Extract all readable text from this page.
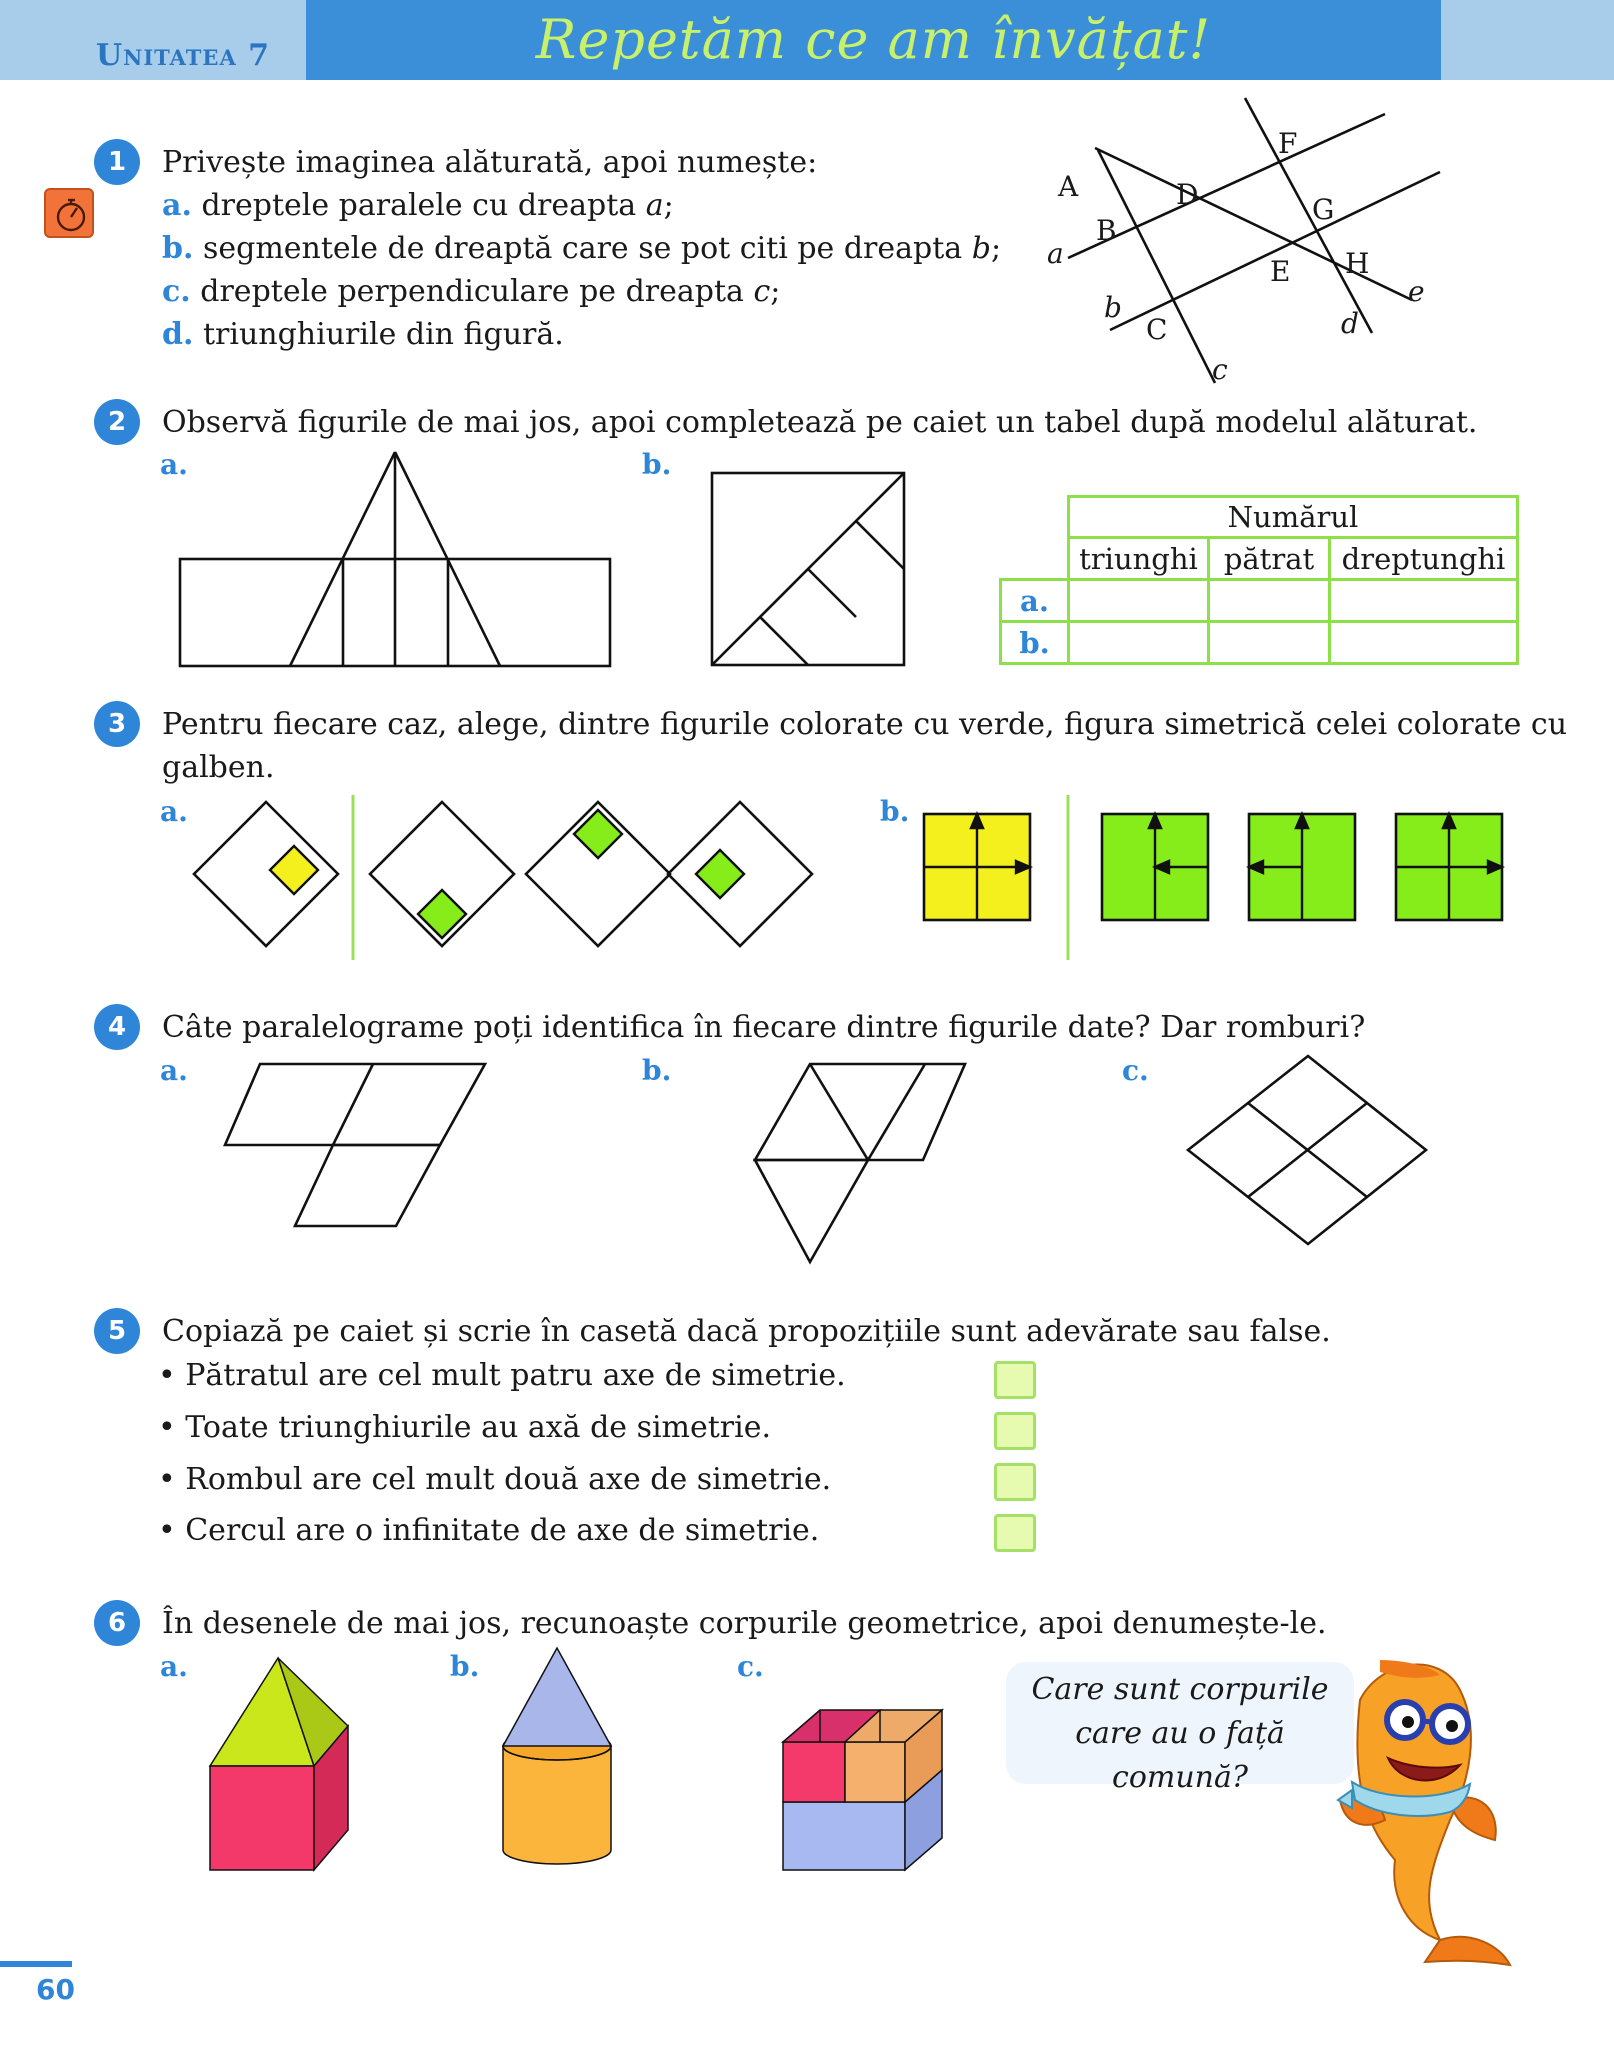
Unitatea 7	Repetăm ce am învățat!
1	Privește imaginea alăturată, apoi numește:
a. dreptele paralele cu dreapta a;
b. segmentele de dreaptă care se pot citi pe dreapta b;
c. dreptele perpendiculare pe dreapta c;
d. triunghiurile din figură.
A
B
C
D
E
F
G
H
a
b
c
d
e
2	Observă figurile de mai jos, apoi completează pe caiet un tabel după modelul alăturat.
a.	b.
Numărul
triunghi pătrat dreptunghi
a.
b.
3	Pentru fiecare caz, alege, dintre figurile colorate cu verde, figura simetrică celei colorate cu
galben.
a.	b.
4	Câte paralelograme poți identifica în fiecare dintre figurile date? Dar romburi?
a.	b.	c.
5	Copiază pe caiet și scrie în casetă dacă propozițiile sunt adevărate sau false.
• Pătratul are cel mult patru axe de simetrie.
• Toate triunghiurile au axă de simetrie.
• Rombul are cel mult două axe de simetrie.
• Cercul are o infinitate de axe de simetrie.
6	În desenele de mai jos, recunoaște corpurile geometrice, apoi denumește-le.
a.	b.	c.
Care sunt corpurile
care au o față comună?
60
